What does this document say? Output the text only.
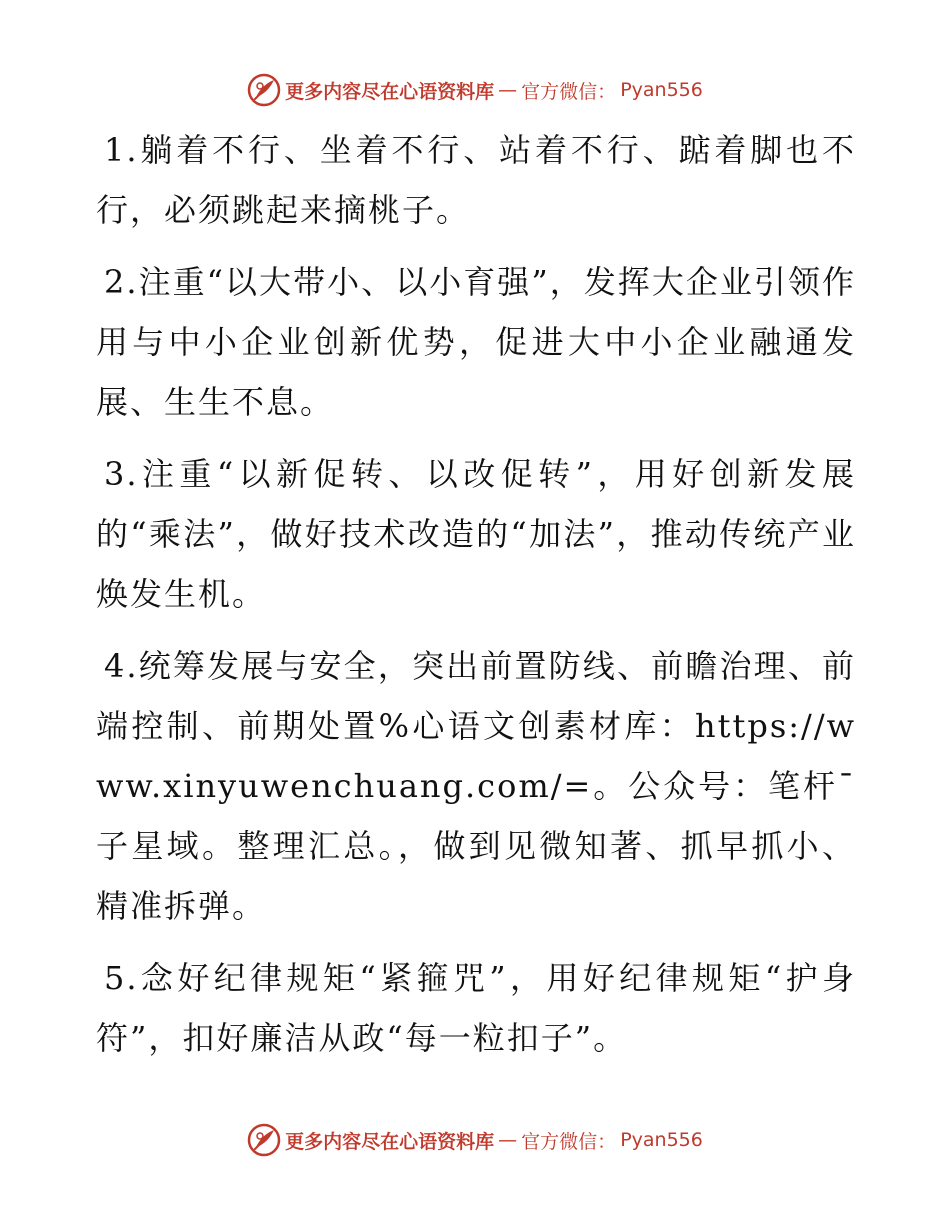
更多内容尽在心语资料库 — 官方微信： Pyan556

1.躺着不行、坐着不行、站着不行、踮着脚也不行，必须跳起来摘桃子。

2.注重“以大带小、以小育强”，发挥大企业引领作用与中小企业创新优势，促进大中小企业融通发展、生生不息。

3.注重“以新促转、以改促转”，用好创新发展的“乘法”，做好技术改造的“加法”，推动传统产业焕发生机。

4.统筹发展与安全，突出前置防线、前瞻治理、前端控制、前期处置%心语文创素材库：https://www.xinyuwenchuang.com/=。公众号：笔杆¯子星域。整理汇总。，做到见微知著、抓早抓小、精准拆弹。

5.念好纪律规矩“紧箍咒”，用好纪律规矩“护身符”，扣好廉洁从政“每一粒扣子”。

更多内容尽在心语资料库 — 官方微信： Pyan556
